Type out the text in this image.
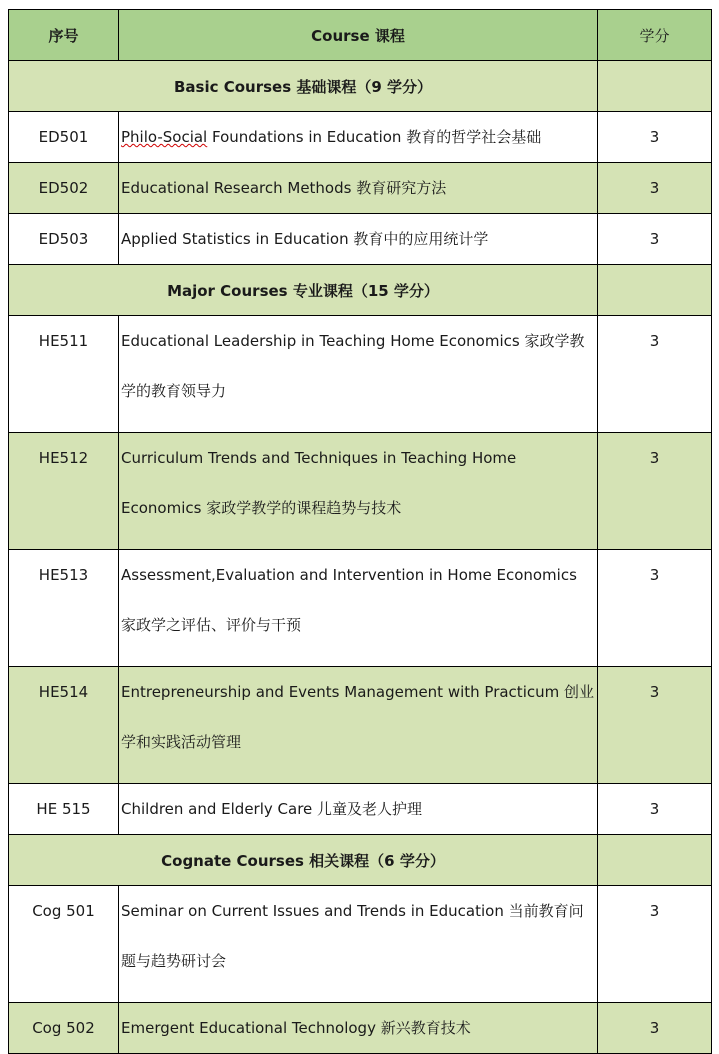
序号	Course 课程	学分
Basic Courses 基础课程（9 学分）		
ED501	Philo-Social Foundations in Education 教育的哲学社会基础	3
ED502	Educational Research Methods 教育研究方法	3
ED503	Applied Statistics in Education 教育中的应用统计学	3
Major Courses 专业课程（15 学分）		
HE511	Educational Leadership in Teaching Home Economics 家政学教学的教育领导力	3
HE512	Curriculum Trends and Techniques in Teaching Home Economics 家政学教学的课程趋势与技术	3
HE513	Assessment,Evaluation and Intervention in Home Economics 家政学之评估、评价与干预	3
HE514	Entrepreneurship and Events Management with Practicum 创业学和实践活动管理	3
HE 515	Children and Elderly Care 儿童及老人护理	3
Cognate Courses 相关课程（6 学分）		
Cog 501	Seminar on Current Issues and Trends in Education 当前教育问题与趋势研讨会	3
Cog 502	Emergent Educational Technology 新兴教育技术	3
